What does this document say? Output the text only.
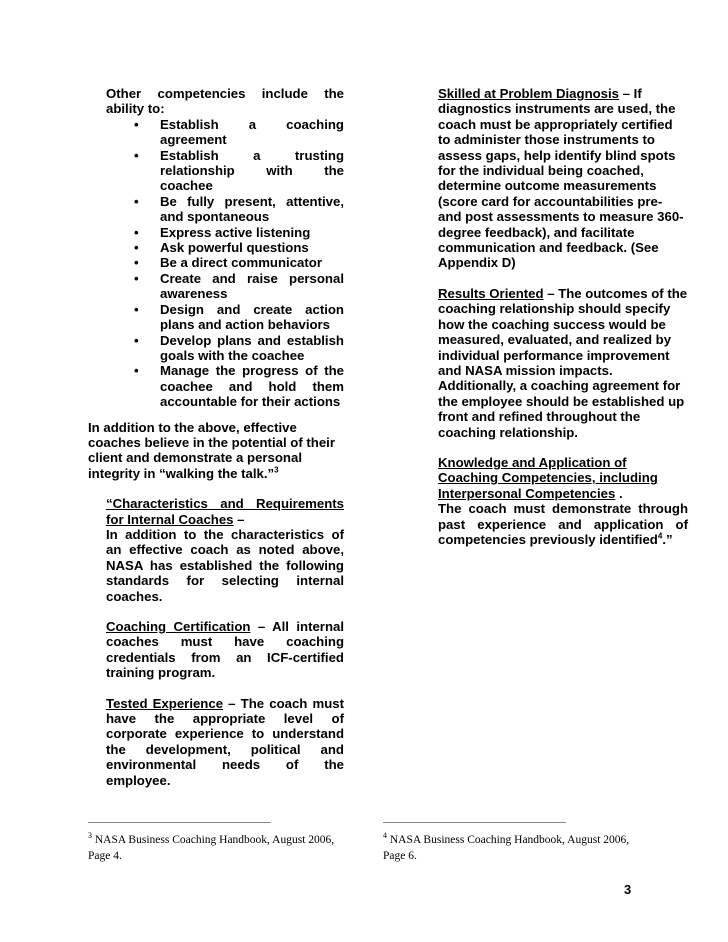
Other competencies include the

ability to:

• Establish a coaching agreement
• Establish a trusting relationship with the coachee
• Be fully present, attentive, and spontaneous
• Express active listening
• Ask powerful questions
• Be a direct communicator
• Create and raise personal awareness
• Design and create action plans and action behaviors
• Develop plans and establish goals with the coachee
• Manage the progress of the coachee and hold them accountable for their actions

In addition to the above, effective coaches believe in the potential of their client and demonstrate a personal integrity in “walking the talk.”$^3$

“Characteristics and Requirements for Internal Coaches –

In addition to the characteristics of an effective coach as noted above, NASA has established the following standards for selecting internal coaches.

Coaching Certification – All internal coaches must have coaching credentials from an ICF-certified training program.

Tested Experience – The coach must have the appropriate level of corporate experience to understand the development, political and environmental needs of the employee.

Skilled at Problem Diagnosis – If diagnostics instruments are used, the coach must be appropriately certified to administer those instruments to assess gaps, help identify blind spots for the individual being coached, determine outcome measurements (score card for accountabilities pre- and post assessments to measure 360-degree feedback), and facilitate communication and feedback. (See Appendix D)

Results Oriented – The outcomes of the coaching relationship should specify how the coaching success would be measured, evaluated, and realized by individual performance improvement and NASA mission impacts. Additionally, a coaching agreement for the employee should be established up front and refined throughout the coaching relationship.

Knowledge and Application of Coaching Competencies, including Interpersonal Competencies .

The coach must demonstrate through past experience and application of competencies previously identified$^4$.”

$^3$ NASA Business Coaching Handbook, August 2006, Page 4.
$^4$ NASA Business Coaching Handbook, August 2006, Page 6.
3
